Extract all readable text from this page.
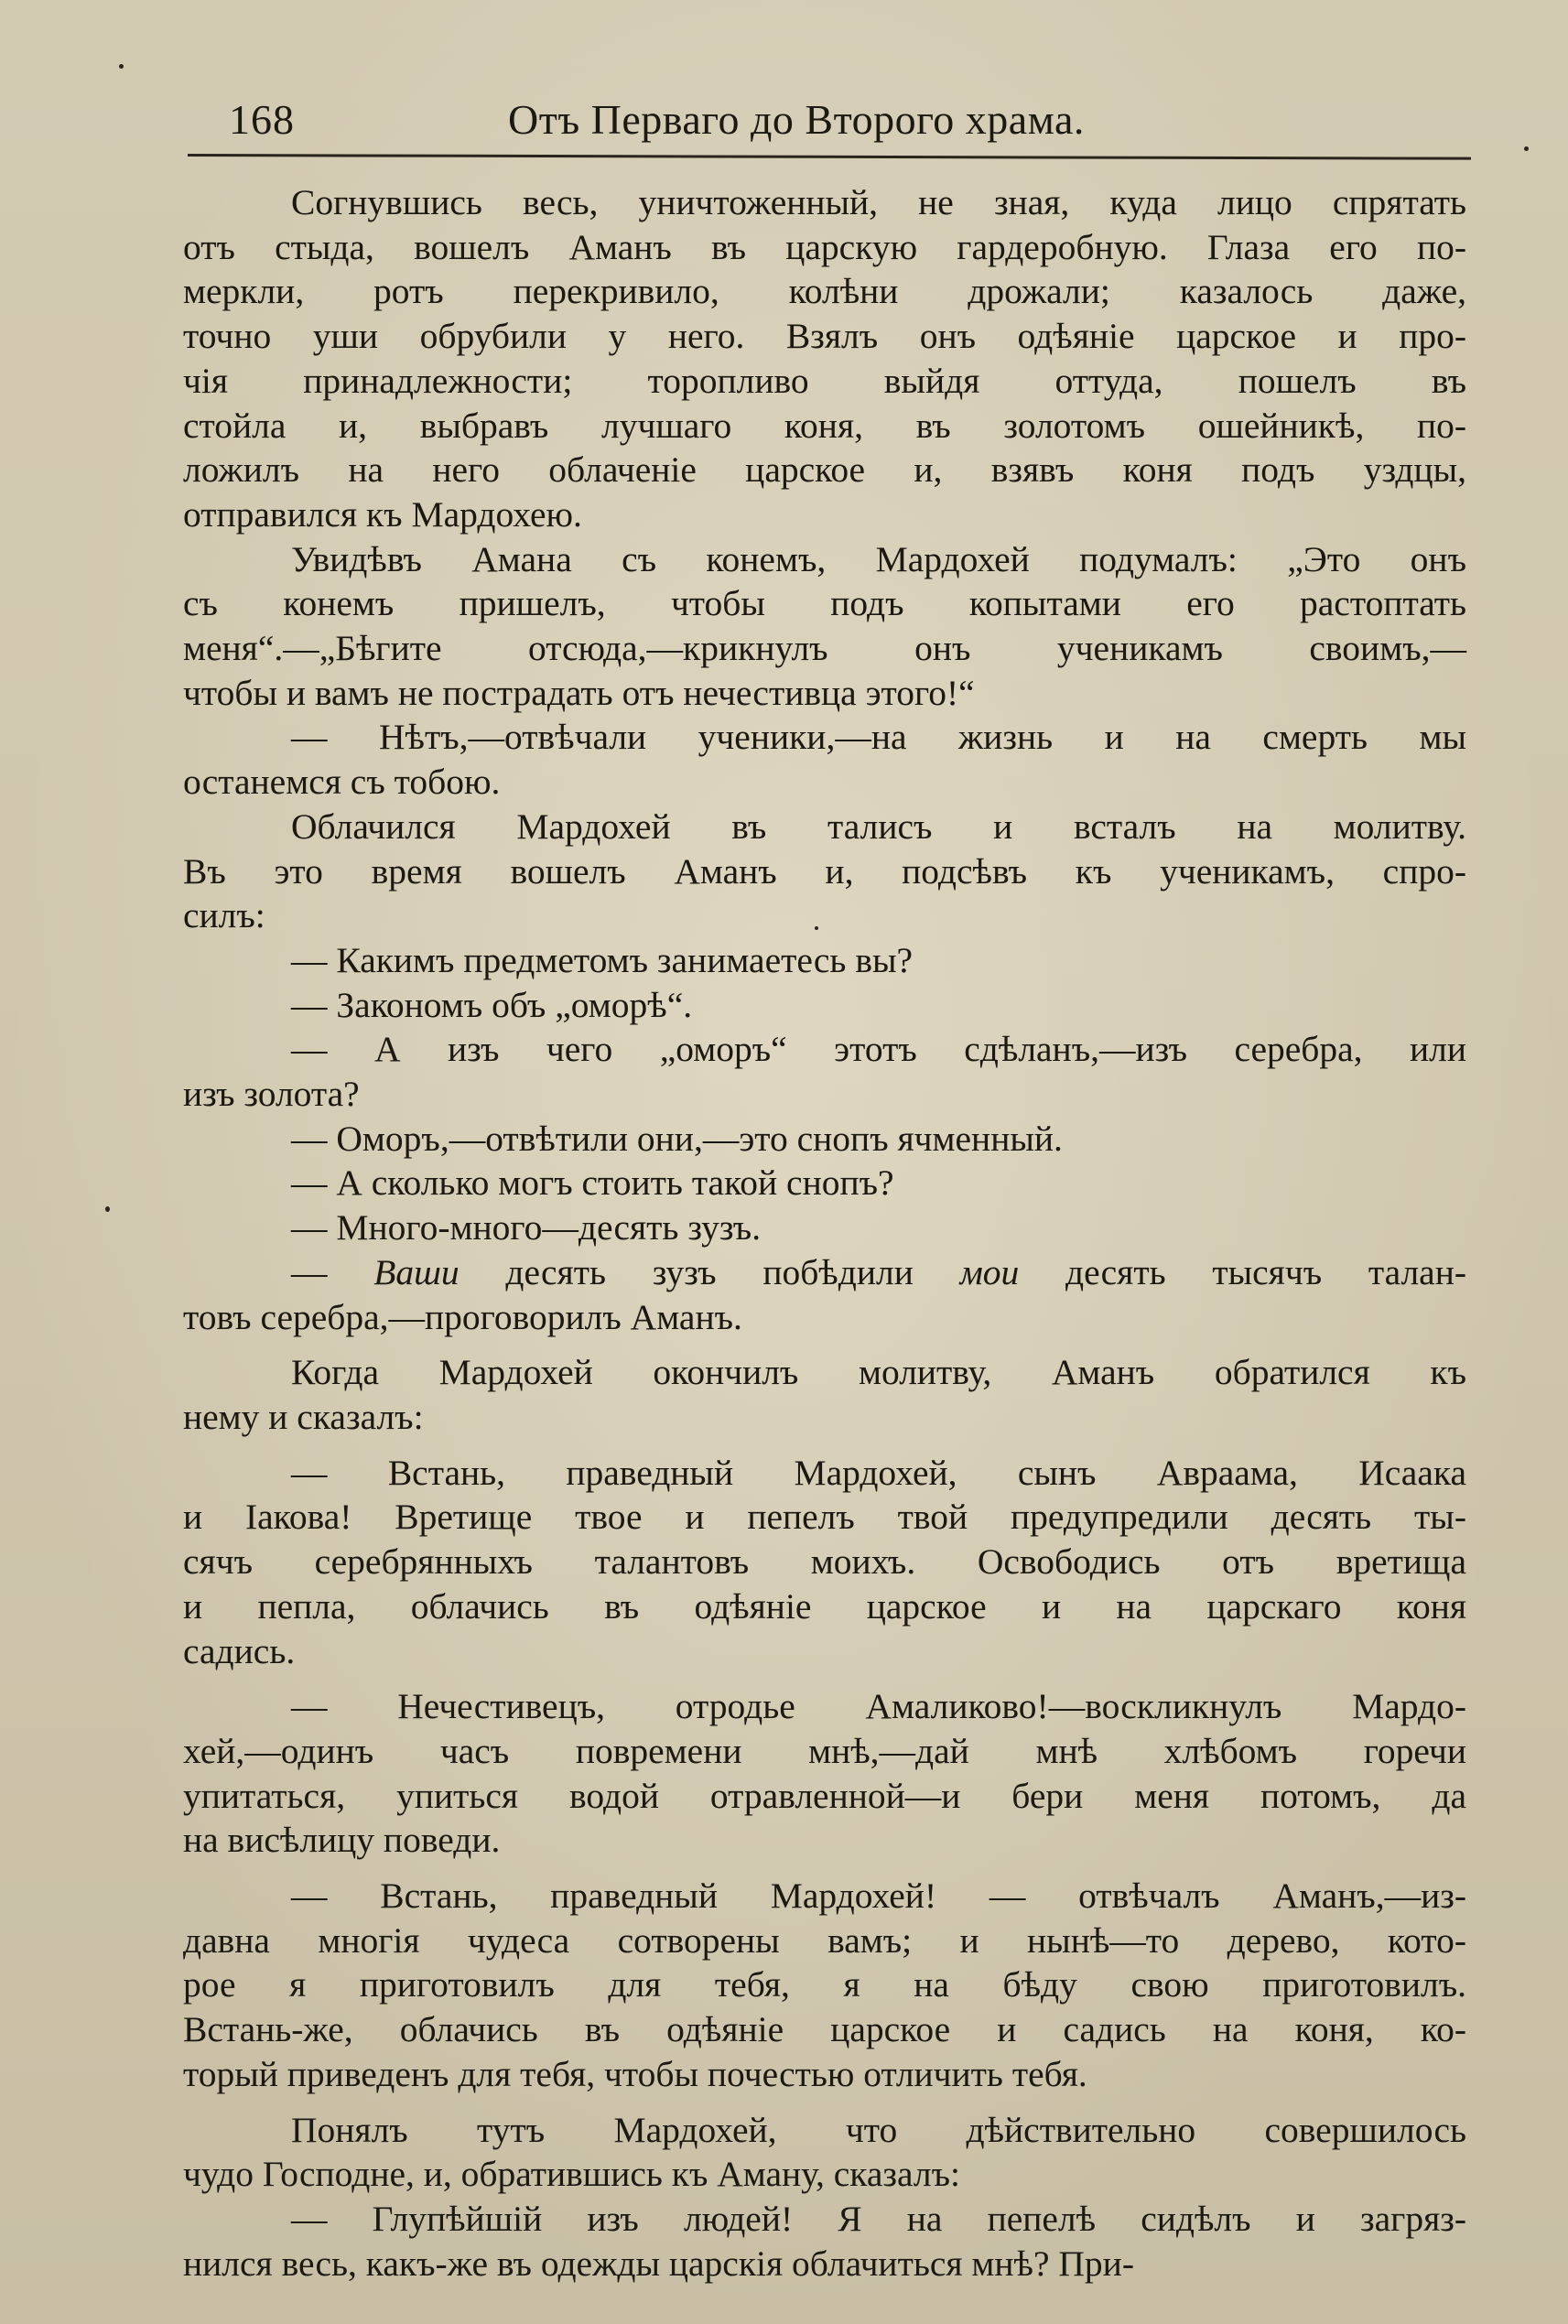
168	Отъ Перваго до Второго храма.
Согнувшись весь, уничтоженный, не зная, куда лицо спрятать
отъ стыда, вошелъ Аманъ въ царскую гардеробную. Глаза его по-
меркли, ротъ перекривило, колѣни дрожали; казалось даже,
точно уши обрубили у него. Взялъ онъ одѣяніе царское и про-
чія принадлежности; торопливо выйдя оттуда, пошелъ въ
стойла и, выбравъ лучшаго коня, въ золотомъ ошейникѣ, по-
ложилъ на него облаченіе царское и, взявъ коня подъ уздцы,
отправился къ Мардохею.
Увидѣвъ Амана съ конемъ, Мардохей подумалъ: „Это онъ
съ конемъ пришелъ, чтобы подъ копытами его растоптать
меня“.—„Бѣгите отсюда,—крикнулъ онъ ученикамъ своимъ,—
чтобы и вамъ не пострадать отъ нечестивца этого!“
— Нѣтъ,—отвѣчали ученики,—на жизнь и на смерть мы
останемся съ тобою.
Облачился Мардохей въ талисъ и всталъ на молитву.
Въ это время вошелъ Аманъ и, подсѣвъ къ ученикамъ, спро-
силъ:
— Какимъ предметомъ занимаетесь вы?
— Закономъ объ „оморѣ“.
— А изъ чего „оморъ“ этотъ сдѣланъ,—изъ серебра, или
изъ золота?
— Оморъ,—отвѣтили они,—это снопъ ячменный.
— А сколько могъ стоить такой снопъ?
— Много-много—десять зузъ.
— Ваши десять зузъ побѣдили мои десять тысячъ талан-
товъ серебра,—проговорилъ Аманъ.
Когда Мардохей окончилъ молитву, Аманъ обратился къ
нему и сказалъ:
— Встань, праведный Мардохей, сынъ Авраама, Исаака
и Іакова! Вретище твое и пепелъ твой предупредили десять ты-
сячъ серебрянныхъ талантовъ моихъ. Освободись отъ вретища
и пепла, облачись въ одѣяніе царское и на царскаго коня
садись.
— Нечестивецъ, отродье Амаликово!—воскликнулъ Мардо-
хей,—одинъ часъ повремени мнѣ,—дай мнѣ хлѣбомъ горечи
упитаться, упиться водой отравленной—и бери меня потомъ, да
на висѣлицу поведи.
— Встань, праведный Мардохей! — отвѣчалъ Аманъ,—из-
давна многія чудеса сотворены вамъ; и нынѣ—то дерево, кото-
рое я приготовилъ для тебя, я на бѣду свою приготовилъ.
Встань-же, облачись въ одѣяніе царское и садись на коня, ко-
торый приведенъ для тебя, чтобы почестью отличить тебя.
Понялъ тутъ Мардохей, что дѣйствительно совершилось
чудо Господне, и, обратившись къ Аману, сказалъ:
— Глупѣйшій изъ людей! Я на пепелѣ сидѣлъ и загряз-
нился весь, какъ-же въ одежды царскія облачиться мнѣ? При-
